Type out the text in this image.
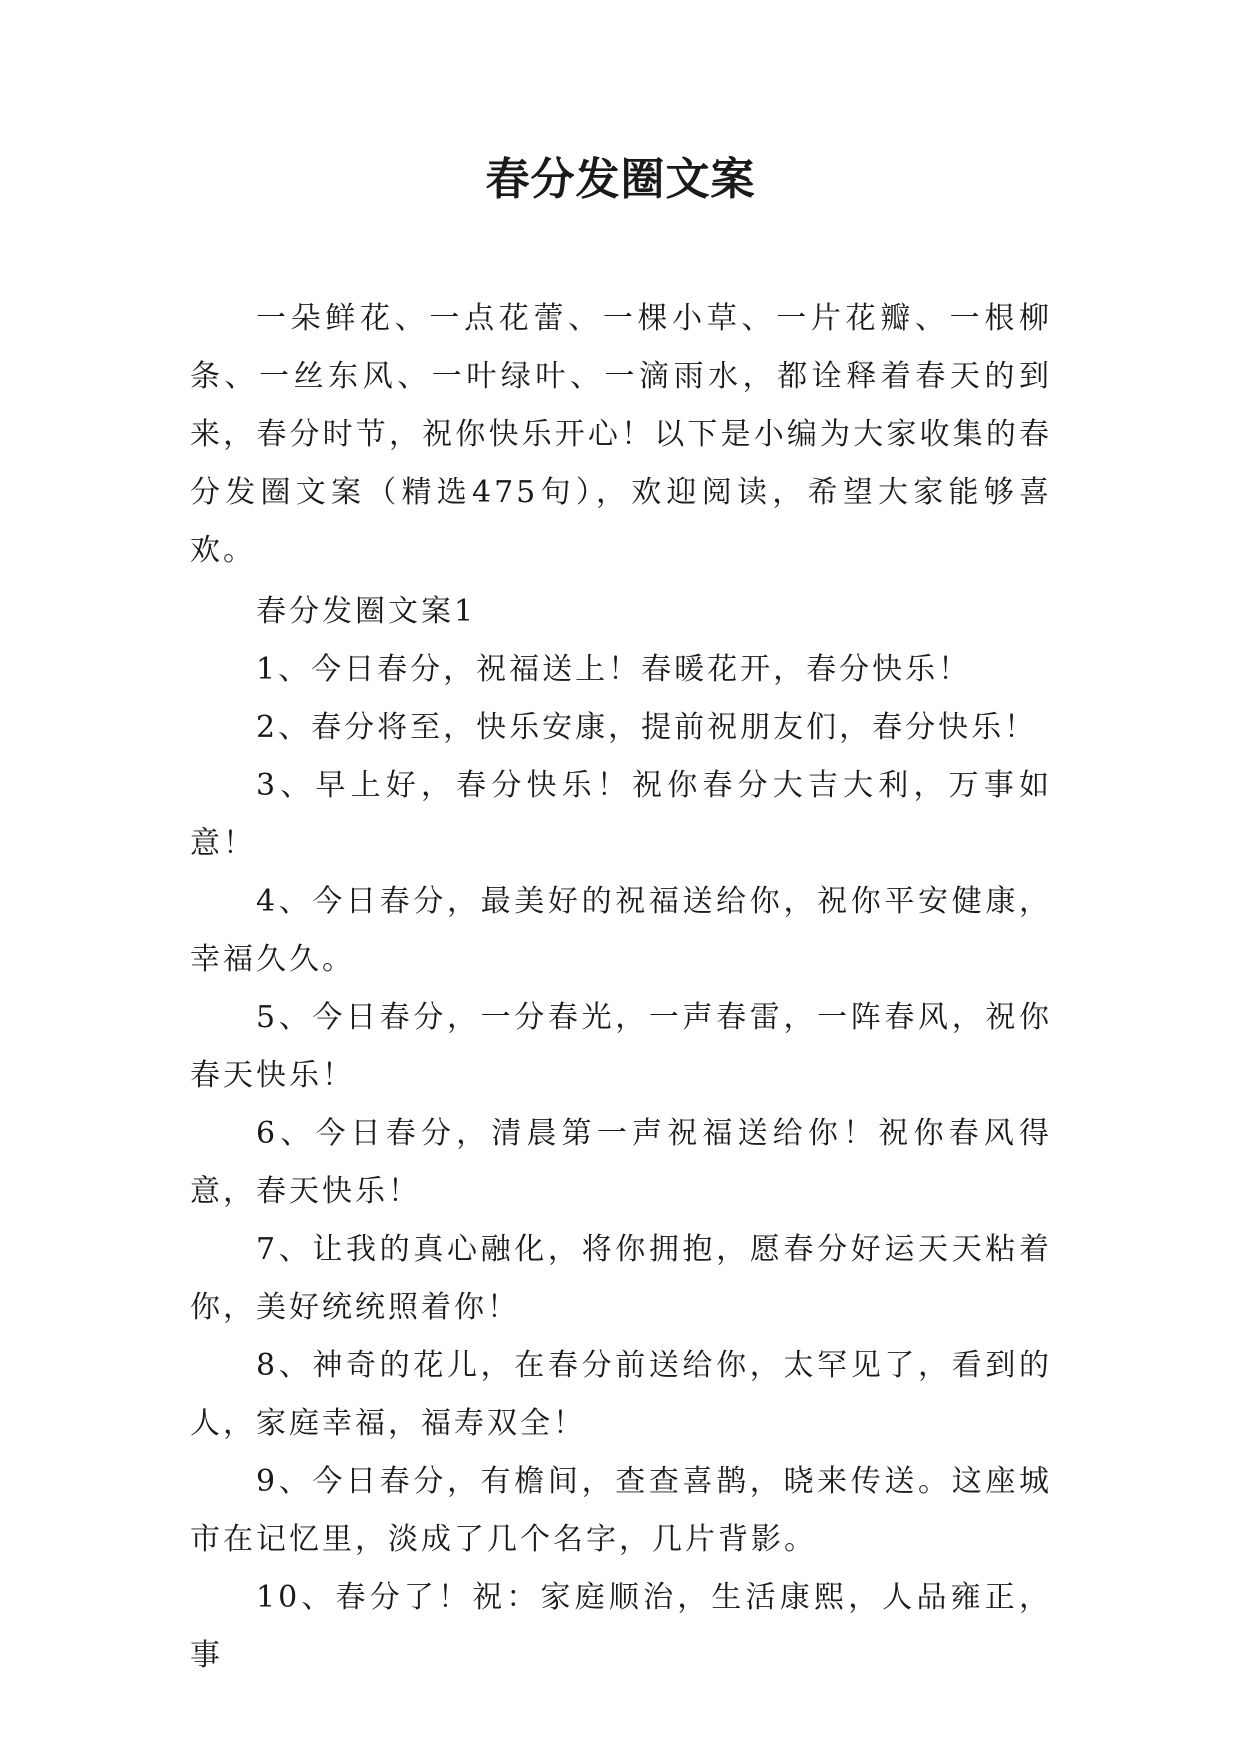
春分发圈文案

一朵鲜花、一点花蕾、一棵小草、一片花瓣、一根柳条、一丝东风、一叶绿叶、一滴雨水，都诠释着春天的到来，春分时节，祝你快乐开心！以下是小编为大家收集的春分发圈文案（精选475句），欢迎阅读，希望大家能够喜欢。

春分发圈文案1

1、今日春分，祝福送上！春暖花开，春分快乐！

2、春分将至，快乐安康，提前祝朋友们，春分快乐！

3、早上好，春分快乐！祝你春分大吉大利，万事如意！

4、今日春分，最美好的祝福送给你，祝你平安健康，幸福久久。

5、今日春分，一分春光，一声春雷，一阵春风，祝你春天快乐！

6、今日春分，清晨第一声祝福送给你！祝你春风得意，春天快乐！

7、让我的真心融化，将你拥抱，愿春分好运天天粘着你，美好统统照着你！

8、神奇的花儿，在春分前送给你，太罕见了，看到的人，家庭幸福，福寿双全！

9、今日春分，有檐间，查查喜鹊，晓来传送。这座城市在记忆里，淡成了几个名字，几片背影。

10、春分了！祝：家庭顺治，生活康熙，人品雍正，事
